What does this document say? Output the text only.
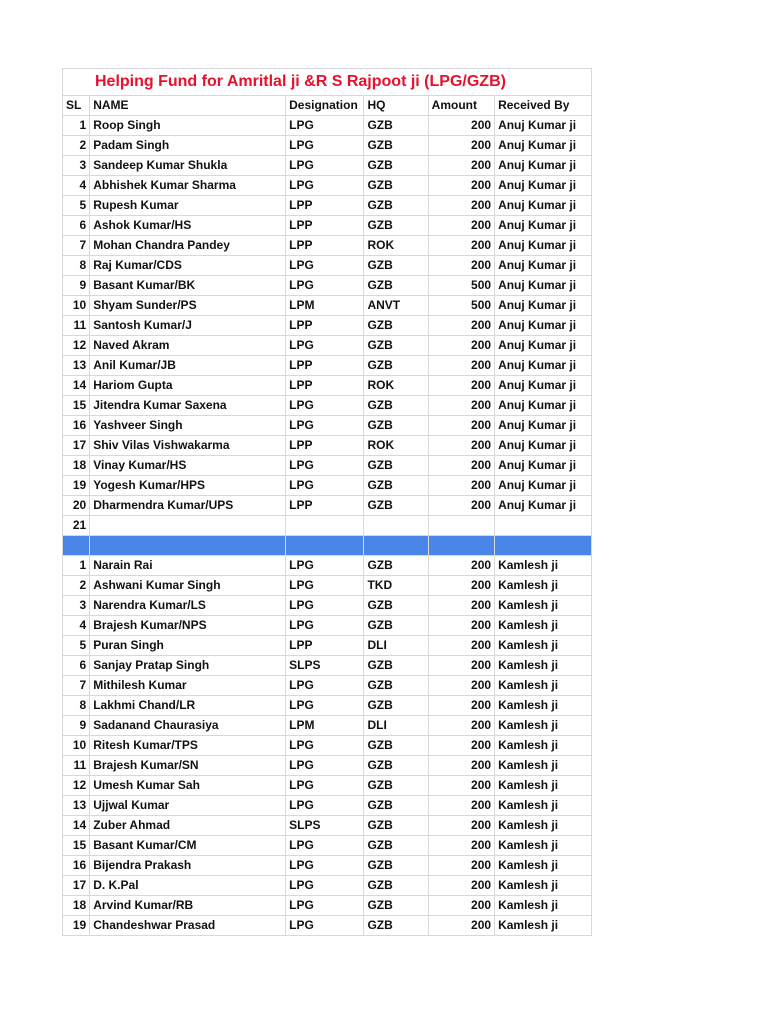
Helping Fund for Amritlal ji &R S Rajpoot ji (LPG/GZB)					
SL	NAME	Designation	HQ	Amount	Received By
1	Roop Singh	LPG	GZB	200	Anuj Kumar ji
2	Padam Singh	LPG	GZB	200	Anuj Kumar ji
3	Sandeep Kumar Shukla	LPG	GZB	200	Anuj Kumar ji
4	Abhishek Kumar Sharma	LPG	GZB	200	Anuj Kumar ji
5	Rupesh Kumar	LPP	GZB	200	Anuj Kumar ji
6	Ashok Kumar/HS	LPP	GZB	200	Anuj Kumar ji
7	Mohan Chandra Pandey	LPP	ROK	200	Anuj Kumar ji
8	Raj Kumar/CDS	LPG	GZB	200	Anuj Kumar ji
9	Basant Kumar/BK	LPG	GZB	500	Anuj Kumar ji
10	Shyam Sunder/PS	LPM	ANVT	500	Anuj Kumar ji
11	Santosh Kumar/J	LPP	GZB	200	Anuj Kumar ji
12	Naved Akram	LPG	GZB	200	Anuj Kumar ji
13	Anil Kumar/JB	LPP	GZB	200	Anuj Kumar ji
14	Hariom Gupta	LPP	ROK	200	Anuj Kumar ji
15	Jitendra Kumar Saxena	LPG	GZB	200	Anuj Kumar ji
16	Yashveer Singh	LPG	GZB	200	Anuj Kumar ji
17	Shiv Vilas Vishwakarma	LPP	ROK	200	Anuj Kumar ji
18	Vinay Kumar/HS	LPG	GZB	200	Anuj Kumar ji
19	Yogesh Kumar/HPS	LPG	GZB	200	Anuj Kumar ji
20	Dharmendra Kumar/UPS	LPP	GZB	200	Anuj Kumar ji
21					

1	Narain Rai	LPG	GZB	200	Kamlesh ji
2	Ashwani Kumar Singh	LPG	TKD	200	Kamlesh ji
3	Narendra Kumar/LS	LPG	GZB	200	Kamlesh ji
4	Brajesh Kumar/NPS	LPG	GZB	200	Kamlesh ji
5	Puran Singh	LPP	DLI	200	Kamlesh ji
6	Sanjay Pratap Singh	SLPS	GZB	200	Kamlesh ji
7	Mithilesh Kumar	LPG	GZB	200	Kamlesh ji
8	Lakhmi Chand/LR	LPG	GZB	200	Kamlesh ji
9	Sadanand Chaurasiya	LPM	DLI	200	Kamlesh ji
10	Ritesh Kumar/TPS	LPG	GZB	200	Kamlesh ji
11	Brajesh Kumar/SN	LPG	GZB	200	Kamlesh ji
12	Umesh Kumar Sah	LPG	GZB	200	Kamlesh ji
13	Ujjwal Kumar	LPG	GZB	200	Kamlesh ji
14	Zuber Ahmad	SLPS	GZB	200	Kamlesh ji
15	Basant Kumar/CM	LPG	GZB	200	Kamlesh ji
16	Bijendra Prakash	LPG	GZB	200	Kamlesh ji
17	D. K.Pal	LPG	GZB	200	Kamlesh ji
18	Arvind Kumar/RB	LPG	GZB	200	Kamlesh ji
19	Chandeshwar Prasad	LPG	GZB	200	Kamlesh ji
